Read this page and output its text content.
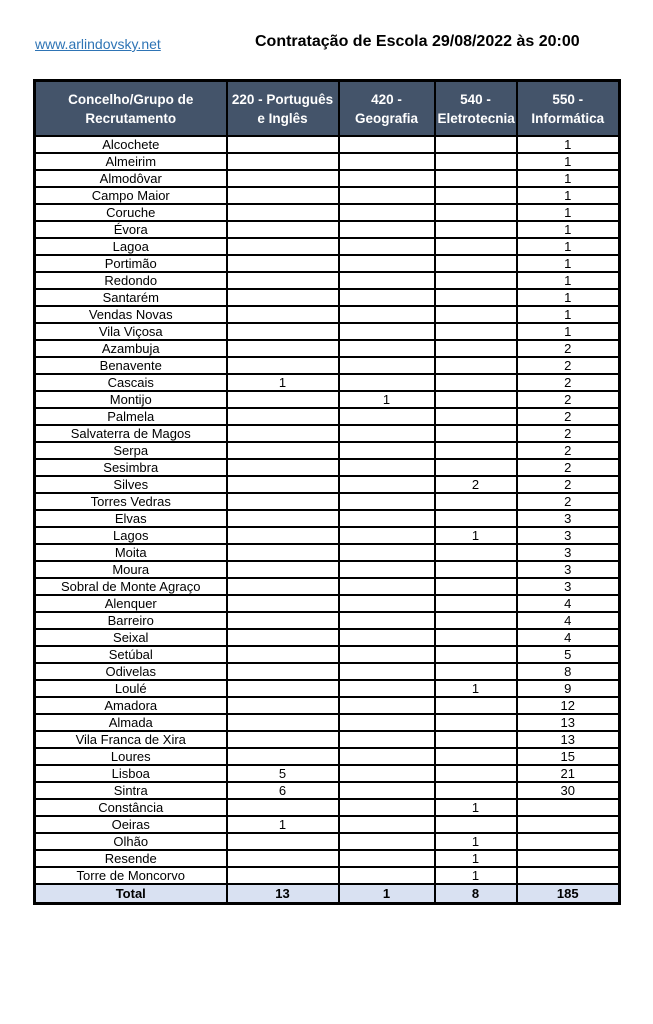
www.arlindovsky.net	Contratação de Escola 29/08/2022 às 20:00
Concelho/Grupo de Recrutamento	220 - Português e Inglês	420 - Geografia	540 - Eletrotecnia	550 - Informática
Alcochete				1
Almeirim				1
Almodôvar				1
Campo Maior				1
Coruche				1
Évora				1
Lagoa				1
Portimão				1
Redondo				1
Santarém				1
Vendas Novas				1
Vila Viçosa				1
Azambuja				2
Benavente				2
Cascais	1			2
Montijo		1		2
Palmela				2
Salvaterra de Magos				2
Serpa				2
Sesimbra				2
Silves			2	2
Torres Vedras				2
Elvas				3
Lagos			1	3
Moita				3
Moura				3
Sobral de Monte Agraço				3
Alenquer				4
Barreiro				4
Seixal				4
Setúbal				5
Odivelas				8
Loulé			1	9
Amadora				12
Almada				13
Vila Franca de Xira				13
Loures				15
Lisboa	5			21
Sintra	6			30
Constância			1	
Oeiras	1			
Olhão			1	
Resende			1	
Torre de Moncorvo			1	
Total	13	1	8	185
